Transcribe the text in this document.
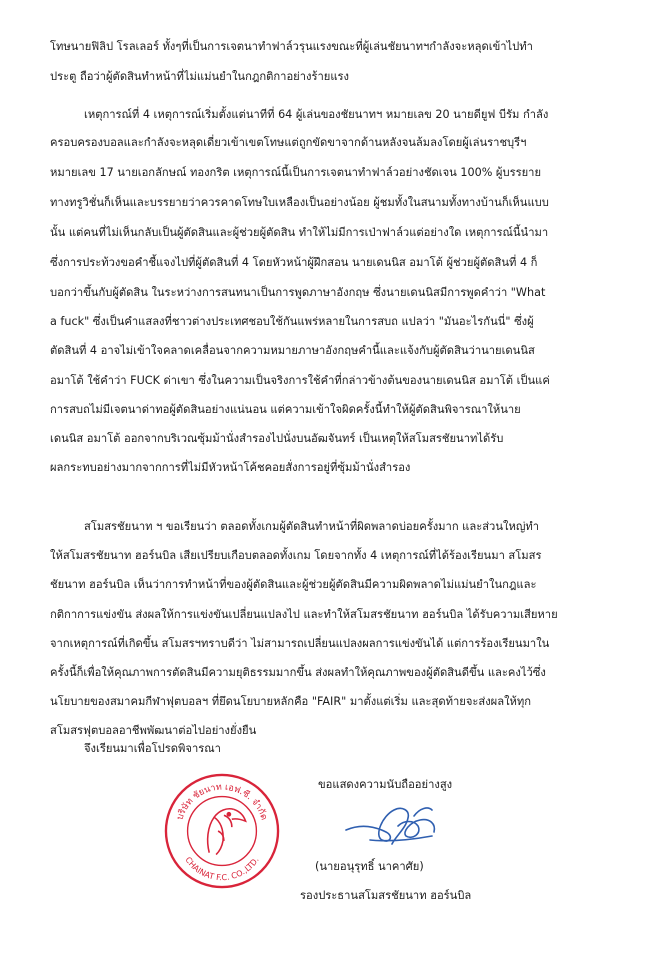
โทษนายฟิลิป โรลเลอร์ ทั้งๆที่เป็นการเจตนาทำฟาล์วรุนแรงขณะที่ผู้เล่นชัยนาทฯกำลังจะหลุดเข้าไปทำ
ประตู ถือว่าผู้ตัดสินทำหน้าที่ไม่แม่นยำในกฎกติกาอย่างร้ายแรง
เหตุการณ์ที่ 4 เหตุการณ์เริ่มตั้งแต่นาทีที่ 64 ผู้เล่นของชัยนาทฯ หมายเลข 20 นายดียูฟ บีรัม กำลัง
ครอบครองบอลและกำลังจะหลุดเดี่ยวเข้าเขตโทษแต่ถูกขัดขาจากด้านหลังจนล้มลงโดยผู้เล่นราชบุรีฯ
หมายเลข 17 นายเอกลักษณ์ ทองกริต เหตุการณ์นี้เป็นการเจตนาทำฟาล์วอย่างชัดเจน 100% ผู้บรรยาย
ทางทรูวิชั่นก็เห็นและบรรยายว่าควรคาดโทษใบเหลืองเป็นอย่างน้อย ผู้ชมทั้งในสนามทั้งทางบ้านก็เห็นแบบ
นั้น แต่คนที่ไม่เห็นกลับเป็นผู้ตัดสินและผู้ช่วยผู้ตัดสิน ทำให้ไม่มีการเป่าฟาล์วแต่อย่างใด เหตุการณ์นี้นำมา
ซึ่งการประท้วงขอคำชี้แจงไปที่ผู้ตัดสินที่ 4 โดยหัวหน้าผู้ฝึกสอน นายเดนนิส อมาโต้ ผู้ช่วยผู้ตัดสินที่ 4 ก็
บอกว่าขึ้นกับผู้ตัดสิน ในระหว่างการสนทนาเป็นการพูดภาษาอังกฤษ ซึ่งนายเดนนิสมีการพูดคำว่า "What
a fuck" ซึ่งเป็นคำแสลงที่ชาวต่างประเทศชอบใช้กันแพร่หลายในการสบถ แปลว่า "มันอะไรกันนี่" ซึ่งผู้
ตัดสินที่ 4 อาจไม่เข้าใจคลาดเคลื่อนจากความหมายภาษาอังกฤษคำนี้และแจ้งกับผู้ตัดสินว่านายเดนนิส
อมาโต้ ใช้คำว่า FUCK ด่าเขา ซึ่งในความเป็นจริงการใช้คำที่กล่าวข้างต้นของนายเดนนิส อมาโต้ เป็นแค่
การสบถไม่มีเจตนาด่าทอผู้ตัดสินอย่างแน่นอน แต่ความเข้าใจผิดครั้งนี้ทำให้ผู้ตัดสินพิจารณาให้นาย
เดนนิส อมาโต้ ออกจากบริเวณซุ้มม้านั่งสำรองไปนั่งบนอัฒจันทร์ เป็นเหตุให้สโมสรชัยนาทได้รับ
ผลกระทบอย่างมากจากการที่ไม่มีหัวหน้าโค้ชคอยสั่งการอยู่ที่ซุ้มม้านั่งสำรอง
สโมสรชัยนาท ฯ ขอเรียนว่า ตลอดทั้งเกมผู้ตัดสินทำหน้าที่ผิดพลาดบ่อยครั้งมาก และส่วนใหญ่ทำ
ให้สโมสรชัยนาท ฮอร์นบิล เสียเปรียบเกือบตลอดทั้งเกม โดยจากทั้ง 4 เหตุการณ์ที่ได้ร้องเรียนมา สโมสร
ชัยนาท ฮอร์นบิล เห็นว่าการทำหน้าที่ของผู้ตัดสินและผู้ช่วยผู้ตัดสินมีความผิดพลาดไม่แม่นยำในกฎและ
กติกาการแข่งขัน ส่งผลให้การแข่งขันเปลี่ยนแปลงไป และทำให้สโมสรชัยนาท ฮอร์นบิล ได้รับความเสียหาย
จากเหตุการณ์ที่เกิดขึ้น สโมสรฯทราบดีว่า ไม่สามารถเปลี่ยนแปลงผลการแข่งขันได้ แต่การร้องเรียนมาใน
ครั้งนี้ก็เพื่อให้คุณภาพการตัดสินมีความยุติธรรมมากขึ้น ส่งผลทำให้คุณภาพของผู้ตัดสินดีขึ้น และคงไว้ซึ่ง
นโยบายของสมาคมกีฬาฟุตบอลฯ ที่ยึดนโยบายหลักคือ "FAIR" มาตั้งแต่เริ่ม และสุดท้ายจะส่งผลให้ทุก
สโมสรฟุตบอลอาชีพพัฒนาต่อไปอย่างยั่งยืน
จึงเรียนมาเพื่อโปรดพิจารณา
ขอแสดงความนับถืออย่างสูง
บริษัท ชัยนาท เอฟ.ซี. จำกัด
CHAINAT F.C. CO.,LTD.
(นายอนุรุทธิ์ นาคาศัย)
รองประธานสโมสรชัยนาท ฮอร์นบิล
